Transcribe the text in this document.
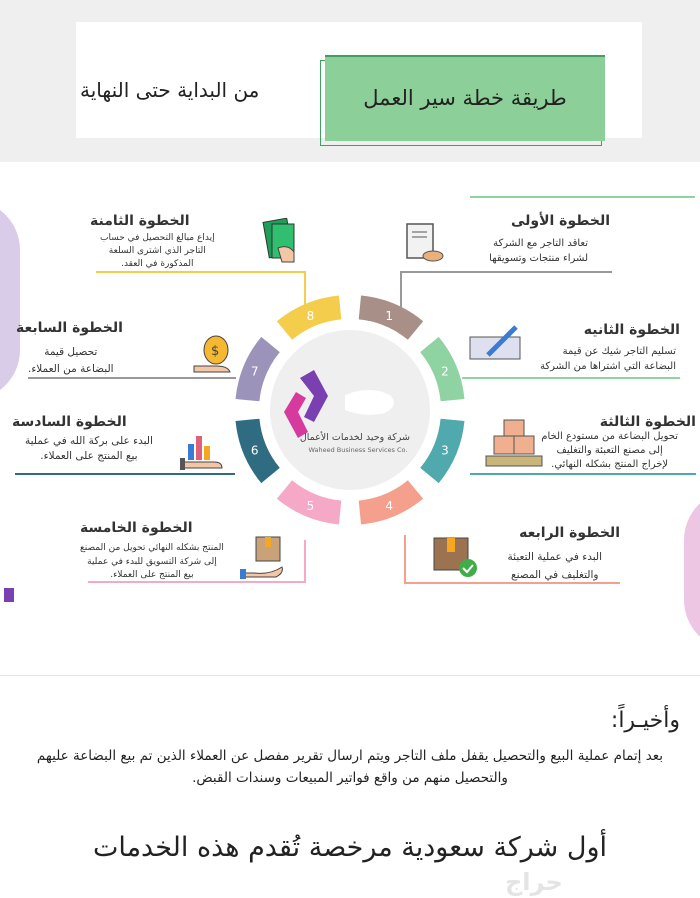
طريقة خطة سير العمل
من البداية حتى النهاية
1
2
3
4
5
6
7
8
شركة وحيد لخدمات الأعمال
Waheed Business Services Co.
الخطوة الأولى
تعاقد التاجر مع الشركة
لشراء منتجات وتسويقها
الخطوة الثانيه
تسليم التاجر شيك عن قيمة
البضاعة التي اشتراها من الشركة
الخطوة الثالثة
تحويل البضاعة من مستودع الخام
إلى مصنع التعبئة والتغليف
لإخراج المنتج بشكله النهائي.
الخطوة الرابعه
البدء في عملية التعبئة
والتغليف في المصنع
الخطوة الخامسة
المنتج بشكله النهائي تحويل من المصنع
إلى شركة التسويق للبدء في عملية
بيع المنتج على العملاء.
الخطوة السادسة
البدء على بركة الله في عملية
بيع المنتج على العملاء.
الخطوة السابعة
تحصيل قيمة
البضاعة من العملاء.
$
الخطوة الثامنة
إيداع مبالغ التحصيل في حساب
التاجر الذي اشترى السلعة
المذكورة في العقد.
وأخيـراً:
بعد إتمام عملية البيع والتحصيل يقفل ملف التاجر ويتم ارسال تقرير مفصل عن العملاء الذين تم بيع البضاعة عليهم والتحصيل منهم من واقع فواتير المبيعات وسندات القبض.
أول شركة سعودية مرخصة تُقدم هذه الخدمات
حراج
